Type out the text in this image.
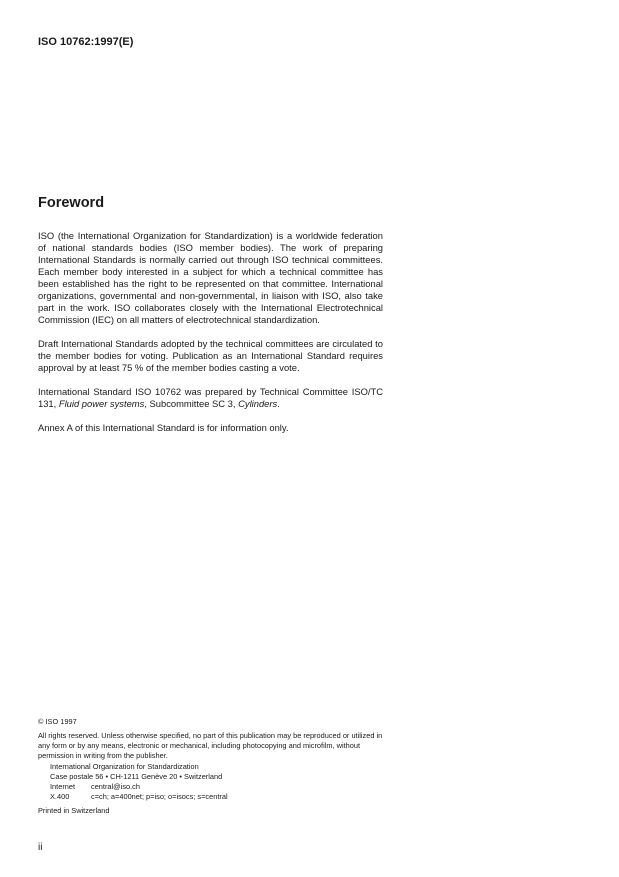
ISO 10762:1997(E)
Foreword

ISO (the International Organization for Standardization) is a worldwide federation of national standards bodies (ISO member bodies). The work of preparing International Standards is normally carried out through ISO technical committees. Each member body interested in a subject for which a technical committee has been established has the right to be represented on that committee. International organizations, governmental and non-governmental, in liaison with ISO, also take part in the work. ISO collaborates closely with the International Electrotechnical Commission (IEC) on all matters of electrotechnical standardization.

Draft International Standards adopted by the technical committees are circulated to the member bodies for voting. Publication as an International Standard requires approval by at least 75 % of the member bodies casting a vote.

International Standard ISO 10762 was prepared by Technical Committee ISO/TC 131, Fluid power systems, Subcommittee SC 3, Cylinders.

Annex A of this International Standard is for information only.

© ISO 1997

All rights reserved. Unless otherwise specified, no part of this publication may be reproduced or utilized in any form or by any means, electronic or mechanical, including photocopying and microfilm, without permission in writing from the publisher.

International Organization for Standardization

Case postale 56 • CH-1211 Genève 20 • Switzerland

Internet	central@iso.ch
X.400	c=ch; a=400net; p=iso; o=isocs; s=central

Printed in Switzerland

ii
